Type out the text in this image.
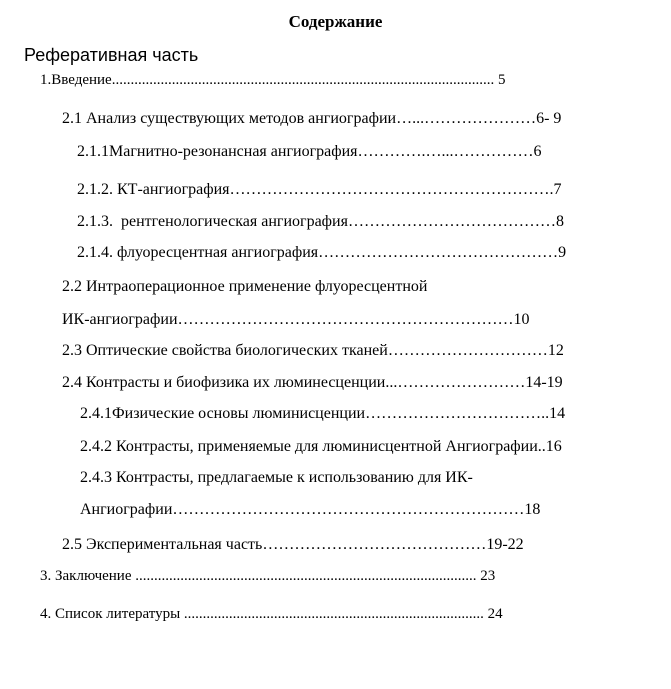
Содержание
Реферативная часть
1.Введение...................................................................................................... 5
2.1 Анализ существующих методов ангиографии…...…………………6- 9
2.1.1Магнитно-резонансная ангиография………….…...……………6
2.1.2. КТ-ангиография…………………………………………………….7
2.1.3.  рентгенологическая ангиография…………………………………8
2.1.4. флуоресцентная ангиография………………………………………9
2.2 Интраоперационное применение флуоресцентной
ИК-ангиографии………………………………………………………10
2.3 Оптические свойства биологических тканей…………………………12
2.4 Контрасты и биофизика их люминесценции...……………………14-19
2.4.1Физические основы люминисценции……………………………..14
2.4.2 Контрасты, применяемые для люминисцентной Ангиографии..16
2.4.3 Контрасты, предлагаемые к использованию для ИК-
Ангиографии…………………………………………………………18
2.5 Экспериментальная часть……………………………………19-22
3. Заключение ........................................................................................... 23
4. Список литературы ................................................................................ 24
